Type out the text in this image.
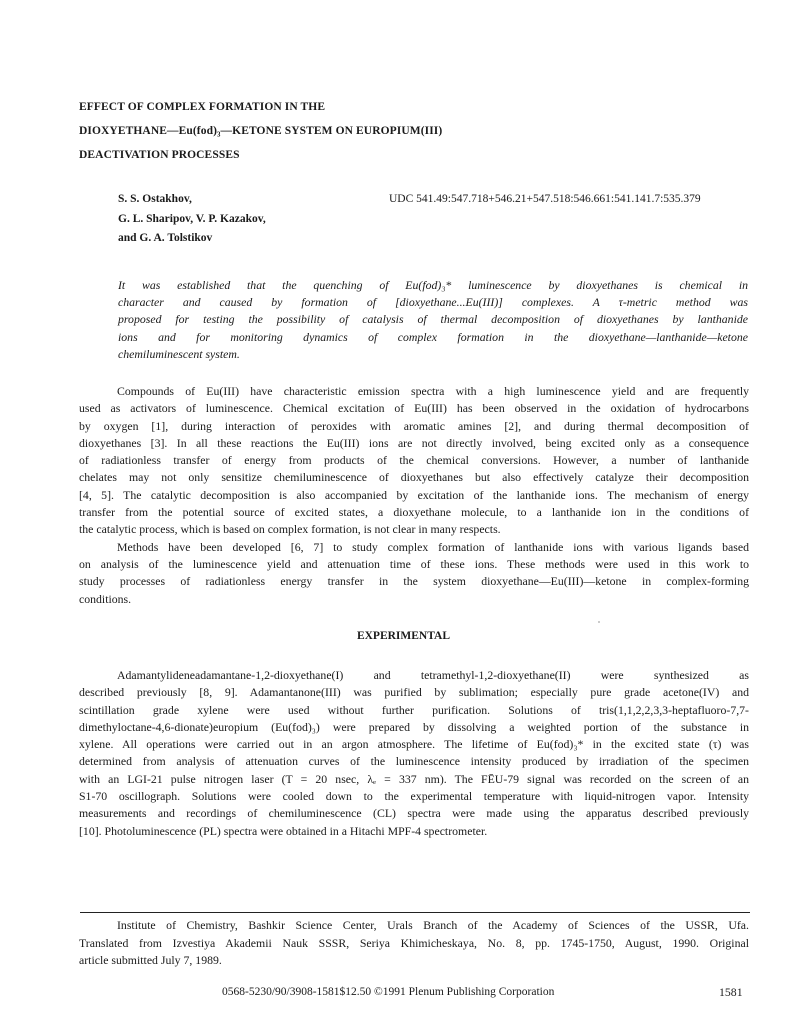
EFFECT OF COMPLEX FORMATION IN THE
DIOXYETHANE—Eu(fod)₃—KETONE SYSTEM ON EUROPIUM(III)
DEACTIVATION PROCESSES
S. S. Ostakhov,
G. L. Sharipov, V. P. Kazakov,
and G. A. Tolstikov
UDC 541.49:547.718+546.21+547.518:546.661:541.141.7:535.379
It was established that the quenching of Eu(fod)₃* luminescence by dioxyethanes is chemical in
character and caused by formation of [dioxyethane...Eu(III)] complexes. A τ-metric method was
proposed for testing the possibility of catalysis of thermal decomposition of dioxyethanes by lanthanide
ions and for monitoring dynamics of complex formation in the dioxyethane—lanthanide—ketone
chemiluminescent system.
Compounds of Eu(III) have characteristic emission spectra with a high luminescence yield and are frequently
used as activators of luminescence. Chemical excitation of Eu(III) has been observed in the oxidation of hydrocarbons
by oxygen [1], during interaction of peroxides with aromatic amines [2], and during thermal decomposition of
dioxyethanes [3]. In all these reactions the Eu(III) ions are not directly involved, being excited only as a consequence
of radiationless transfer of energy from products of the chemical conversions. However, a number of lanthanide
chelates may not only sensitize chemiluminescence of dioxyethanes but also effectively catalyze their decomposition
[4, 5]. The catalytic decomposition is also accompanied by excitation of the lanthanide ions. The mechanism of energy
transfer from the potential source of excited states, a dioxyethane molecule, to a lanthanide ion in the conditions of
the catalytic process, which is based on complex formation, is not clear in many respects.
Methods have been developed [6, 7] to study complex formation of lanthanide ions with various ligands based
on analysis of the luminescence yield and attenuation time of these ions. These methods were used in this work to
study processes of radiationless energy transfer in the system dioxyethane—Eu(III)—ketone in complex-forming
conditions.
EXPERIMENTAL
Adamantylideneadamantane-1,2-dioxyethane(I) and tetramethyl-1,2-dioxyethane(II) were synthesized as
described previously [8, 9]. Adamantanone(III) was purified by sublimation; especially pure grade acetone(IV) and
scintillation grade xylene were used without further purification. Solutions of tris(1,1,2,2,3,3-heptafluoro-7,7-
dimethyloctane-4,6-dionate)europium (Eu(fod)₃) were prepared by dissolving a weighted portion of the substance in
xylene. All operations were carried out in an argon atmosphere. The lifetime of Eu(fod)₃* in the excited state (τ) was
determined from analysis of attenuation curves of the luminescence intensity produced by irradiation of the specimen
with an LGI-21 pulse nitrogen laser (T = 20 nsec, λₑ = 337 nm). The FĒU-79 signal was recorded on the screen of an
S1-70 oscillograph. Solutions were cooled down to the experimental temperature with liquid-nitrogen vapor. Intensity
measurements and recordings of chemiluminescence (CL) spectra were made using the apparatus described previously
[10]. Photoluminescence (PL) spectra were obtained in a Hitachi MPF-4 spectrometer.
Institute of Chemistry, Bashkir Science Center, Urals Branch of the Academy of Sciences of the USSR, Ufa.
Translated from Izvestiya Akademii Nauk SSSR, Seriya Khimicheskaya, No. 8, pp. 1745-1750, August, 1990. Original
article submitted July 7, 1989.
0568-5230/90/3908-1581$12.50 ©1991 Plenum Publishing Corporation	1581
